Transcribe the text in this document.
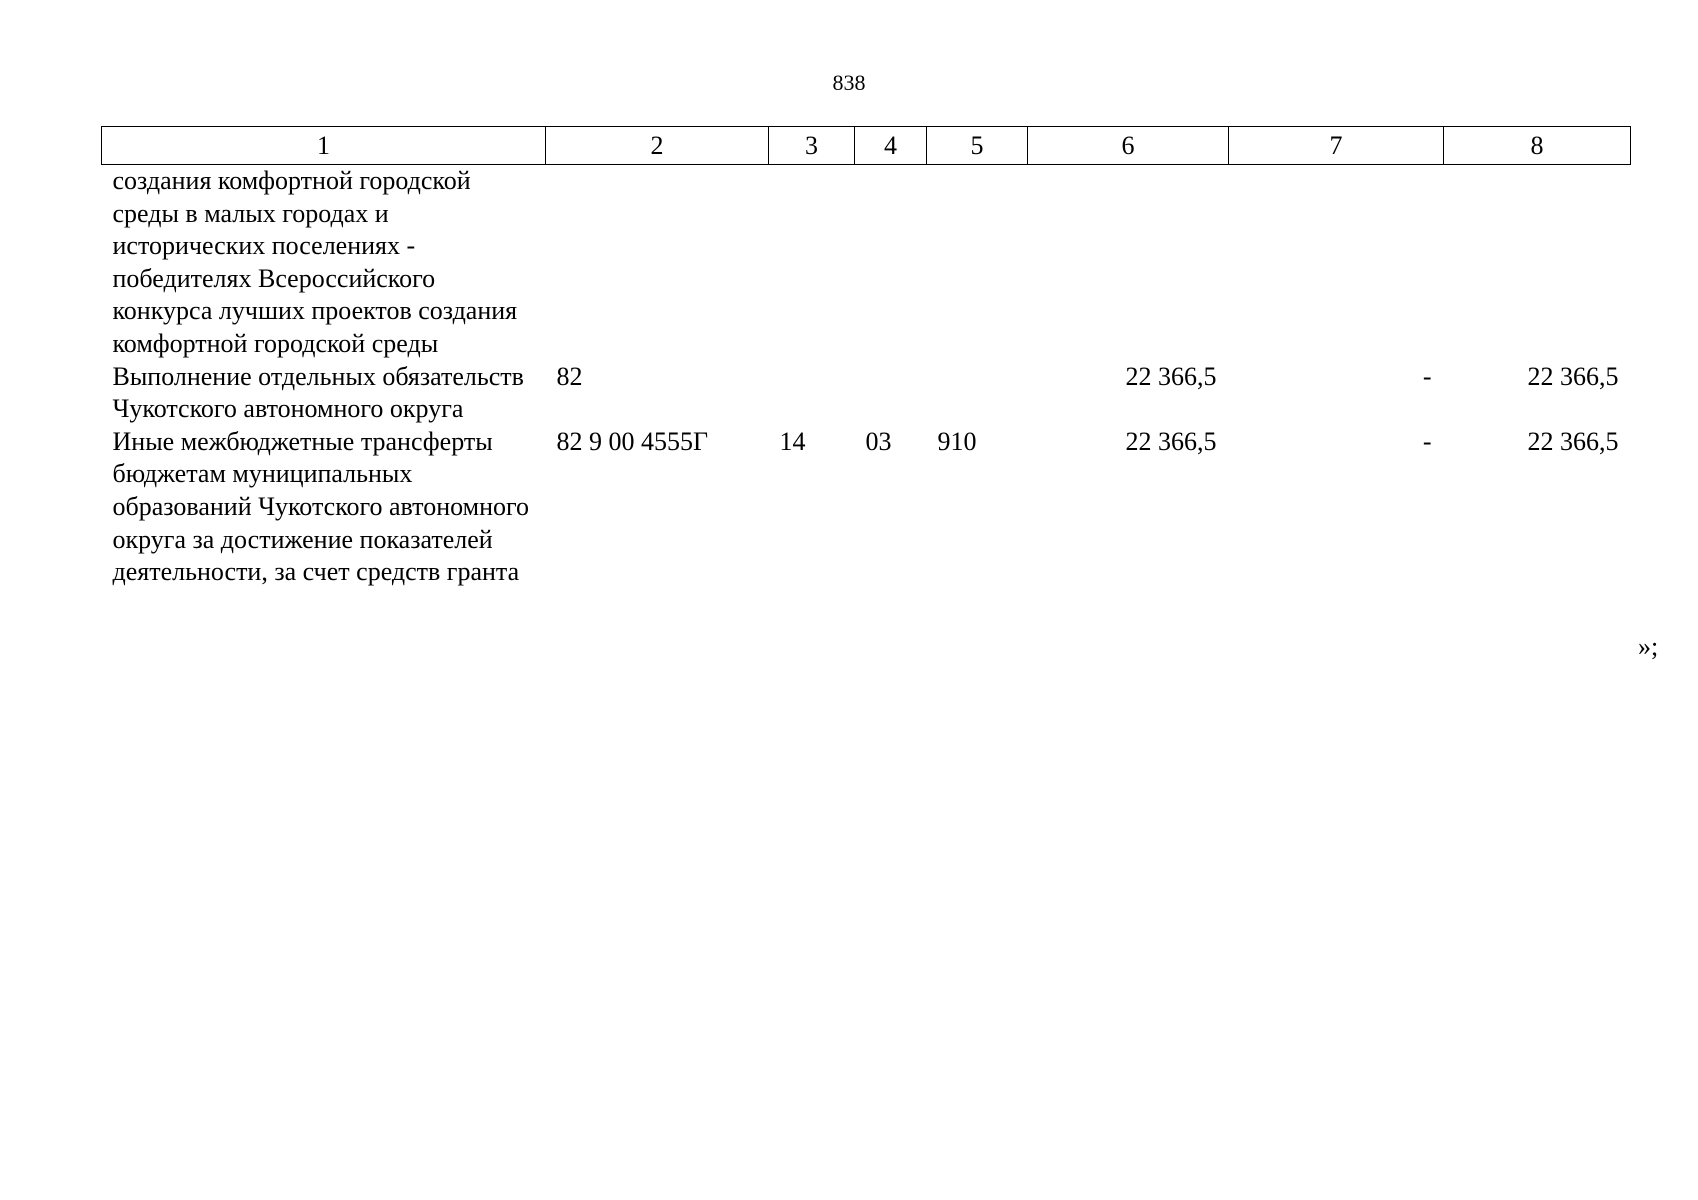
838
1	2	3	4	5	6	7	8
создания комфортной городской среды в малых городах и исторических поселениях - победителях Всероссийского конкурса лучших проектов создания комфортной городской среды							
Выполнение отдельных обязательств Чукотского автономного округа	82				22 366,5	-	22 366,5
Иные межбюджетные трансферты бюджетам муниципальных образований Чукотского автономного округа за достижение показателей деятельности, за счет средств гранта	82 9 00 4555Г	14	03	910	22 366,5	-	22 366,5
»;
